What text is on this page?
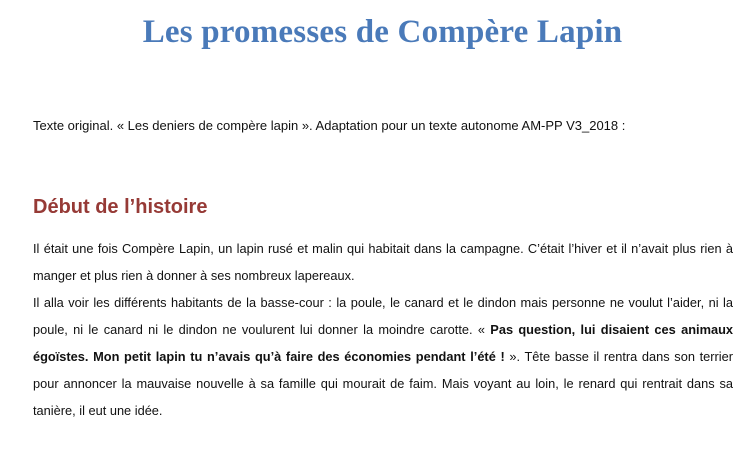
Les promesses de Compère Lapin

Texte original. « Les deniers de compère lapin ». Adaptation pour un texte autonome AM-PP V3_2018 :

Début de l’histoire

Il était une fois Compère Lapin, un lapin rusé et malin qui habitait dans la campagne. C’était l’hiver et il n’avait plus rien à manger et plus rien à donner à ses nombreux lapereaux.

Il alla voir les différents habitants de la basse-cour : la poule, le canard et le dindon mais personne ne voulut l’aider, ni la poule, ni le canard ni le dindon ne voulurent lui donner la moindre carotte. « Pas question, lui disaient ces animaux égoïstes. Mon petit lapin tu n’avais qu’à faire des économies pendant l’été ! ». Tête basse il rentra dans son terrier pour annoncer la mauvaise nouvelle à sa famille qui mourait de faim. Mais voyant au loin, le renard qui rentrait dans sa tanière, il eut une idée.
